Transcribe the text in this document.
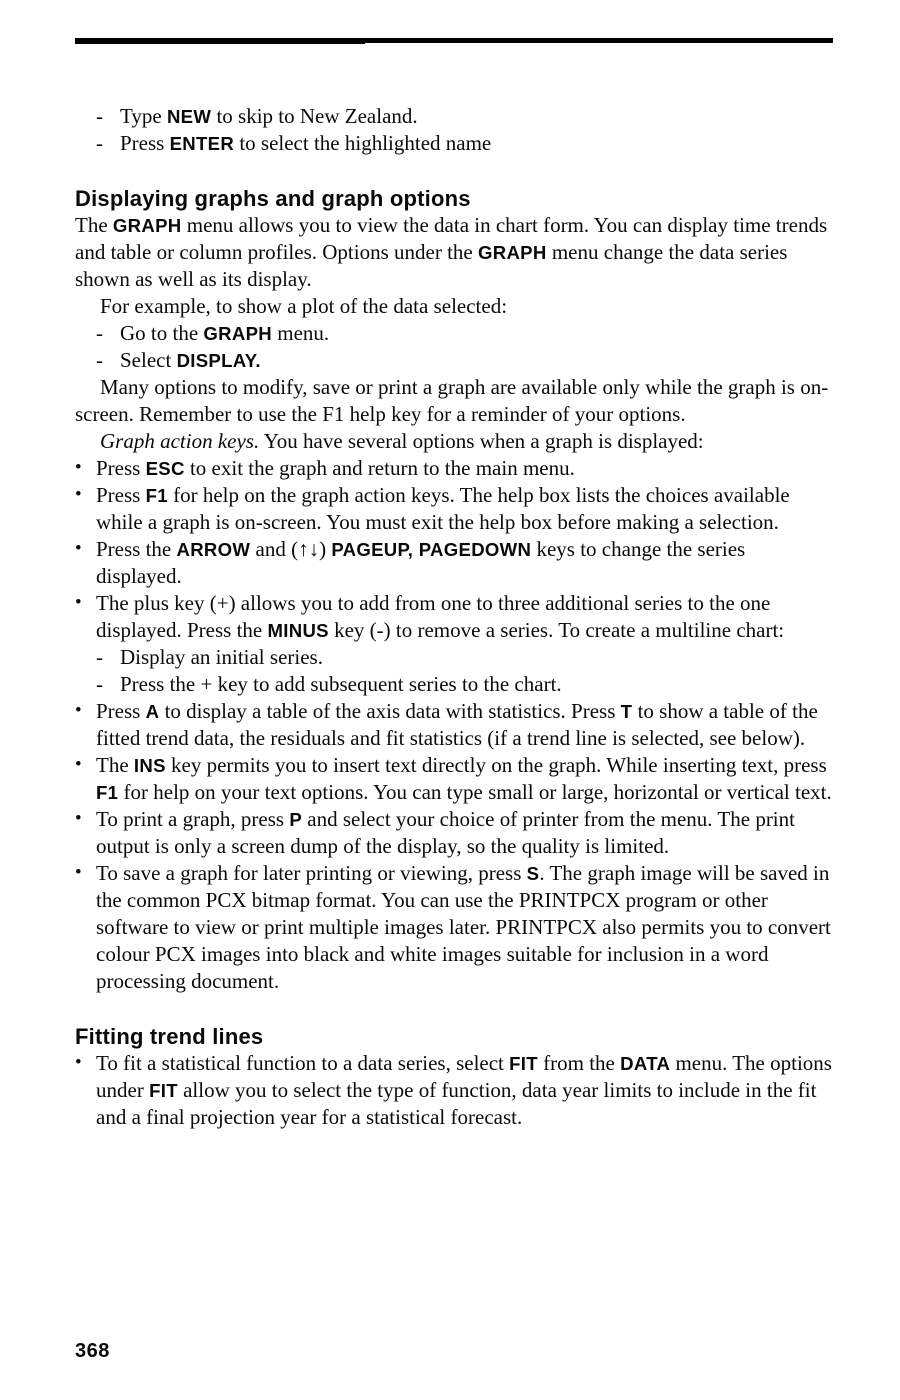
- Type NEW to skip to New Zealand.
- Press ENTER to select the highlighted name
Displaying graphs and graph options
The GRAPH menu allows you to view the data in chart form. You can display time trends and table or column profiles. Options under the GRAPH menu change the data series shown as well as its display.
For example, to show a plot of the data selected:
- Go to the GRAPH menu.
- Select DISPLAY.
Many options to modify, save or print a graph are available only while the graph is on-screen. Remember to use the F1 help key for a reminder of your options.
Graph action keys. You have several options when a graph is displayed:
• Press ESC to exit the graph and return to the main menu.
• Press F1 for help on the graph action keys. The help box lists the choices available while a graph is on-screen. You must exit the help box before making a selection.
• Press the ARROW and (↑↓) PAGEUP, PAGEDOWN keys to change the series displayed.
• The plus key (+) allows you to add from one to three additional series to the one displayed. Press the MINUS key (-) to remove a series. To create a multiline chart:
- Display an initial series.
- Press the + key to add subsequent series to the chart.
• Press A to display a table of the axis data with statistics. Press T to show a table of the fitted trend data, the residuals and fit statistics (if a trend line is selected, see below).
• The INS key permits you to insert text directly on the graph. While inserting text, press F1 for help on your text options. You can type small or large, horizontal or vertical text.
• To print a graph, press P and select your choice of printer from the menu. The print output is only a screen dump of the display, so the quality is limited.
• To save a graph for later printing or viewing, press S. The graph image will be saved in the common PCX bitmap format. You can use the PRINTPCX program or other software to view or print multiple images later. PRINTPCX also permits you to convert colour PCX images into black and white images suitable for inclusion in a word processing document.
Fitting trend lines
• To fit a statistical function to a data series, select FIT from the DATA menu. The options under FIT allow you to select the type of function, data year limits to include in the fit and a final projection year for a statistical forecast.
368
